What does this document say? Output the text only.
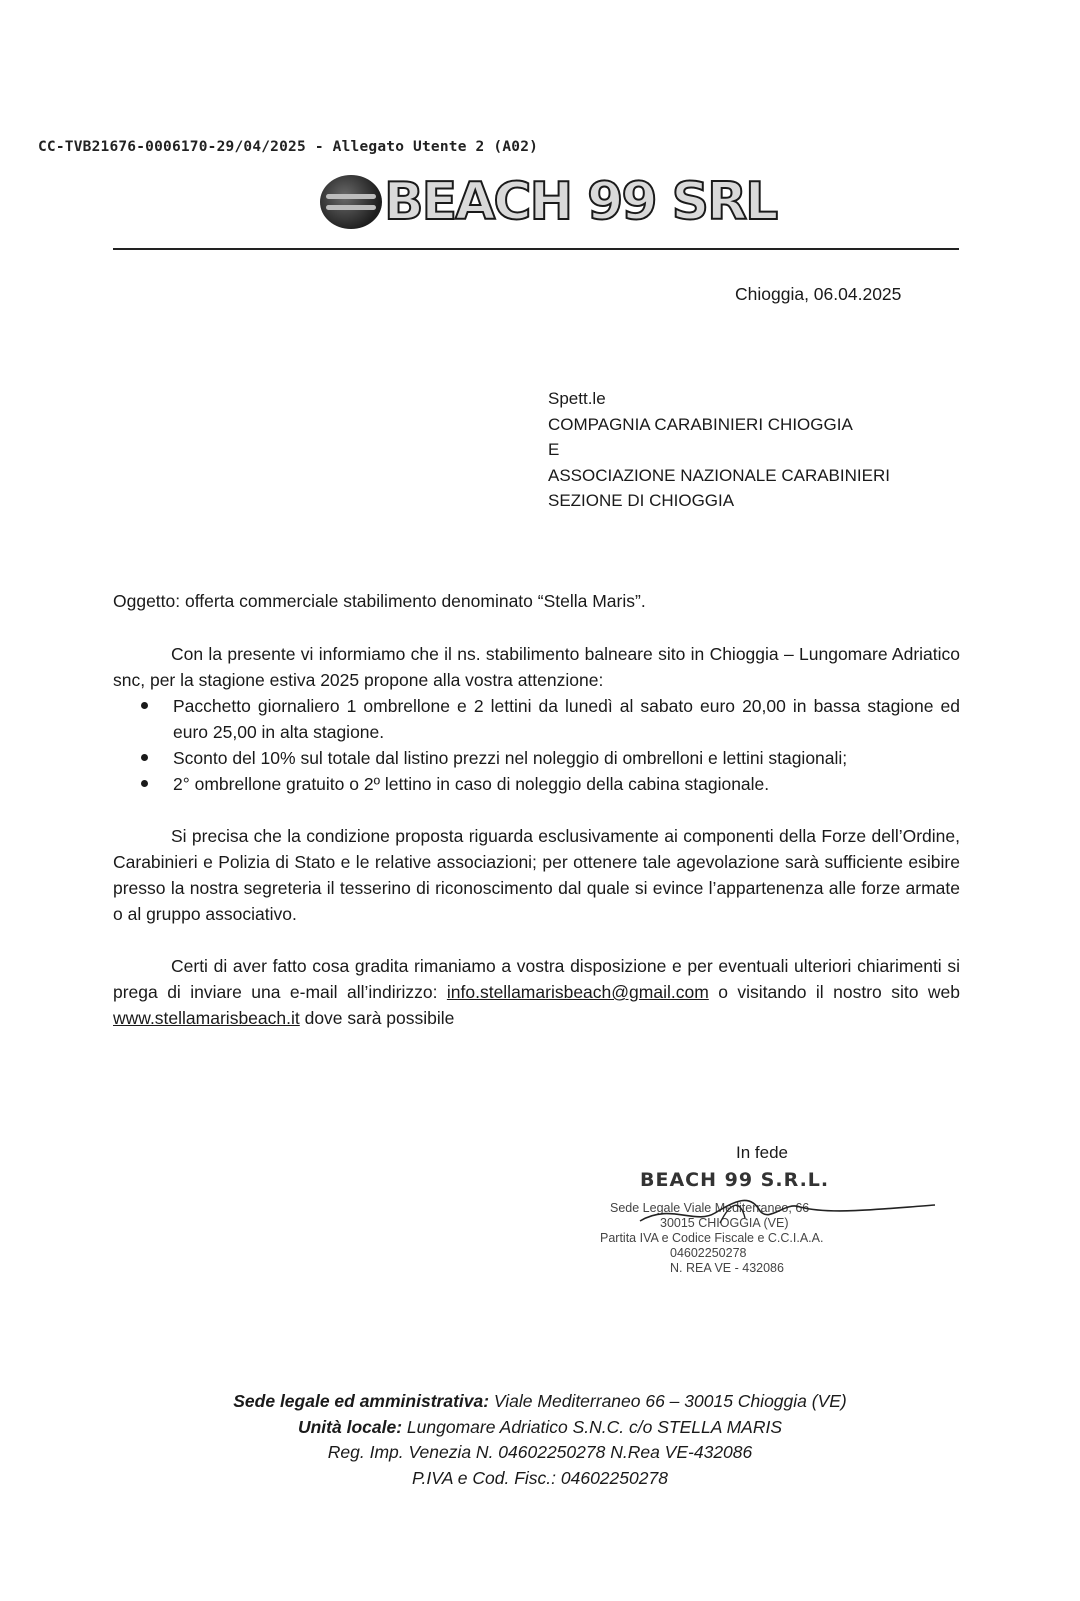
CC-TVB21676-0006170-29/04/2025 - Allegato Utente 2 (A02)
BEACH 99 SRL
Chioggia, 06.04.2025
Spett.le
COMPAGNIA CARABINIERI CHIOGGIA
E
ASSOCIAZIONE NAZIONALE CARABINIERI
SEZIONE DI CHIOGGIA
Oggetto: offerta commerciale stabilimento denominato “Stella Maris”.
Con la presente vi informiamo che il ns. stabilimento balneare sito in Chioggia – Lungomare Adriatico snc, per la stagione estiva 2025 propone alla vostra attenzione:
Pacchetto giornaliero 1 ombrellone e 2 lettini da lunedì al sabato euro 20,00 in bassa stagione ed euro 25,00 in alta stagione.
Sconto del 10% sul totale dal listino prezzi nel noleggio di ombrelloni e lettini stagionali;
2° ombrellone gratuito o 2º lettino in caso di noleggio della cabina stagionale.
Si precisa che la condizione proposta riguarda esclusivamente ai componenti della Forze dell’Ordine, Carabinieri e Polizia di Stato e le relative associazioni; per ottenere tale agevolazione sarà sufficiente esibire presso la nostra segreteria il tesserino di riconoscimento dal quale si evince l’appartenenza alle forze armate o al gruppo associativo.
Certi di aver fatto cosa gradita rimaniamo a vostra disposizione e per eventuali ulteriori chiarimenti si prega di inviare una e-mail all’indirizzo: info.stellamarisbeach@gmail.com o visitando il nostro sito web www.stellamarisbeach.it dove sarà possibile
In fede
BEACH 99 S.R.L.
Sede Legale Viale Mediterraneo, 66
30015 CHIOGGIA (VE)
Partita IVA e Codice Fiscale e C.C.I.A.A.
04602250278
N. REA VE - 432086
Sede legale ed amministrativa: Viale Mediterraneo 66 – 30015 Chioggia (VE)
Unità locale: Lungomare Adriatico S.N.C. c/o STELLA MARIS
Reg. Imp. Venezia N. 04602250278 N.Rea VE-432086
P.IVA e Cod. Fisc.: 04602250278
